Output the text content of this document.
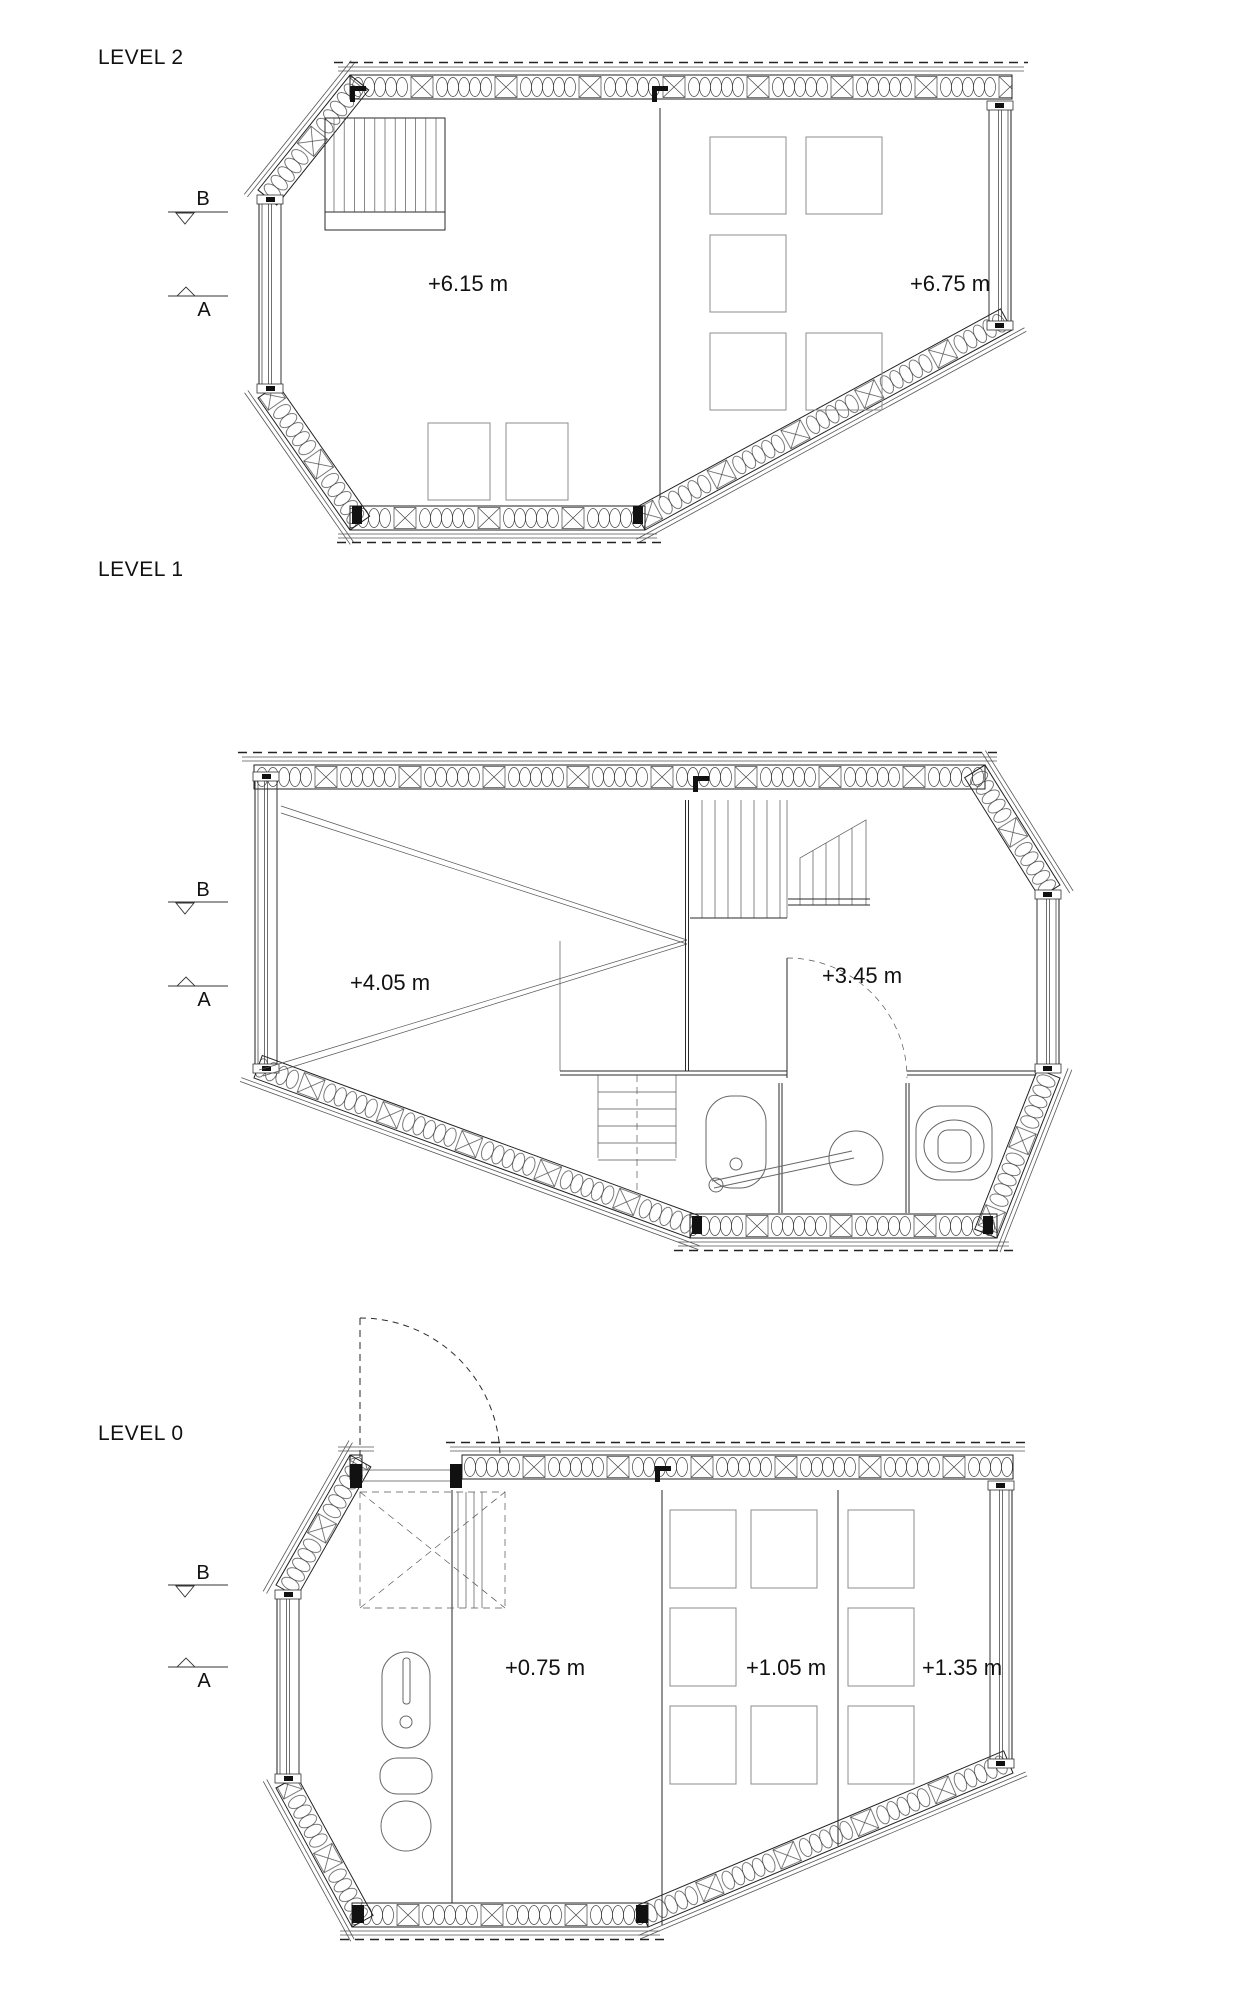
LEVEL 2
+6.15 m	+6.75 m
B
A
LEVEL 1
+4.05 m	+3.45 m
B
A
LEVEL 0
+0.75 m	+1.05 m	+1.35 m
B
A
